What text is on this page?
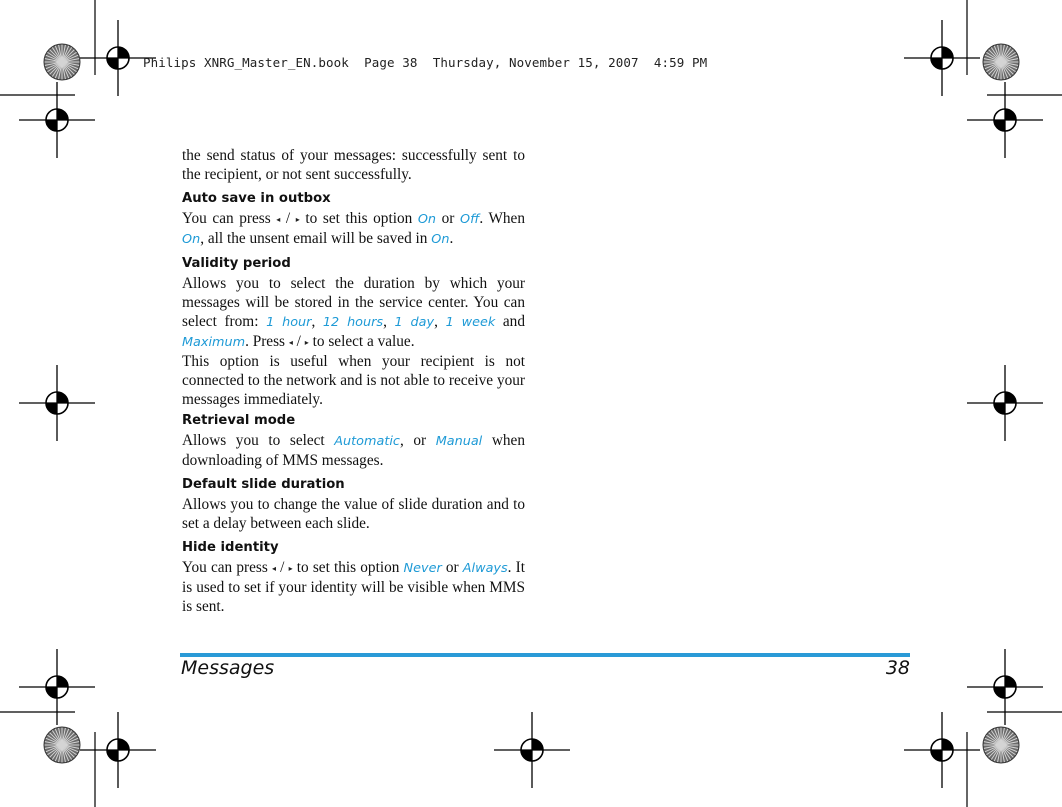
Philips XNRG_Master_EN.book  Page 38  Thursday, November 15, 2007  4:59 PM

the send status of your messages: successfully sent to the recipient, or not sent successfully.

Auto save in outbox

You can press ◂ / ▸ to set this option On or Off. When On, all the unsent email will be saved in On.

Validity period

Allows you to select the duration by which your messages will be stored in the service center. You can select from: 1 hour, 12 hours, 1 day, 1 week and Maximum. Press ◂ / ▸ to select a value.

This option is useful when your recipient is not connected to the network and is not able to receive your messages immediately.

Retrieval mode

Allows you to select Automatic, or Manual when downloading of MMS messages.

Default slide duration

Allows you to change the value of slide duration and to set a delay between each slide.

Hide identity

You can press ◂ / ▸ to set this option Never or Always. It is used to set if your identity will be visible when MMS is sent.

Messages	38
